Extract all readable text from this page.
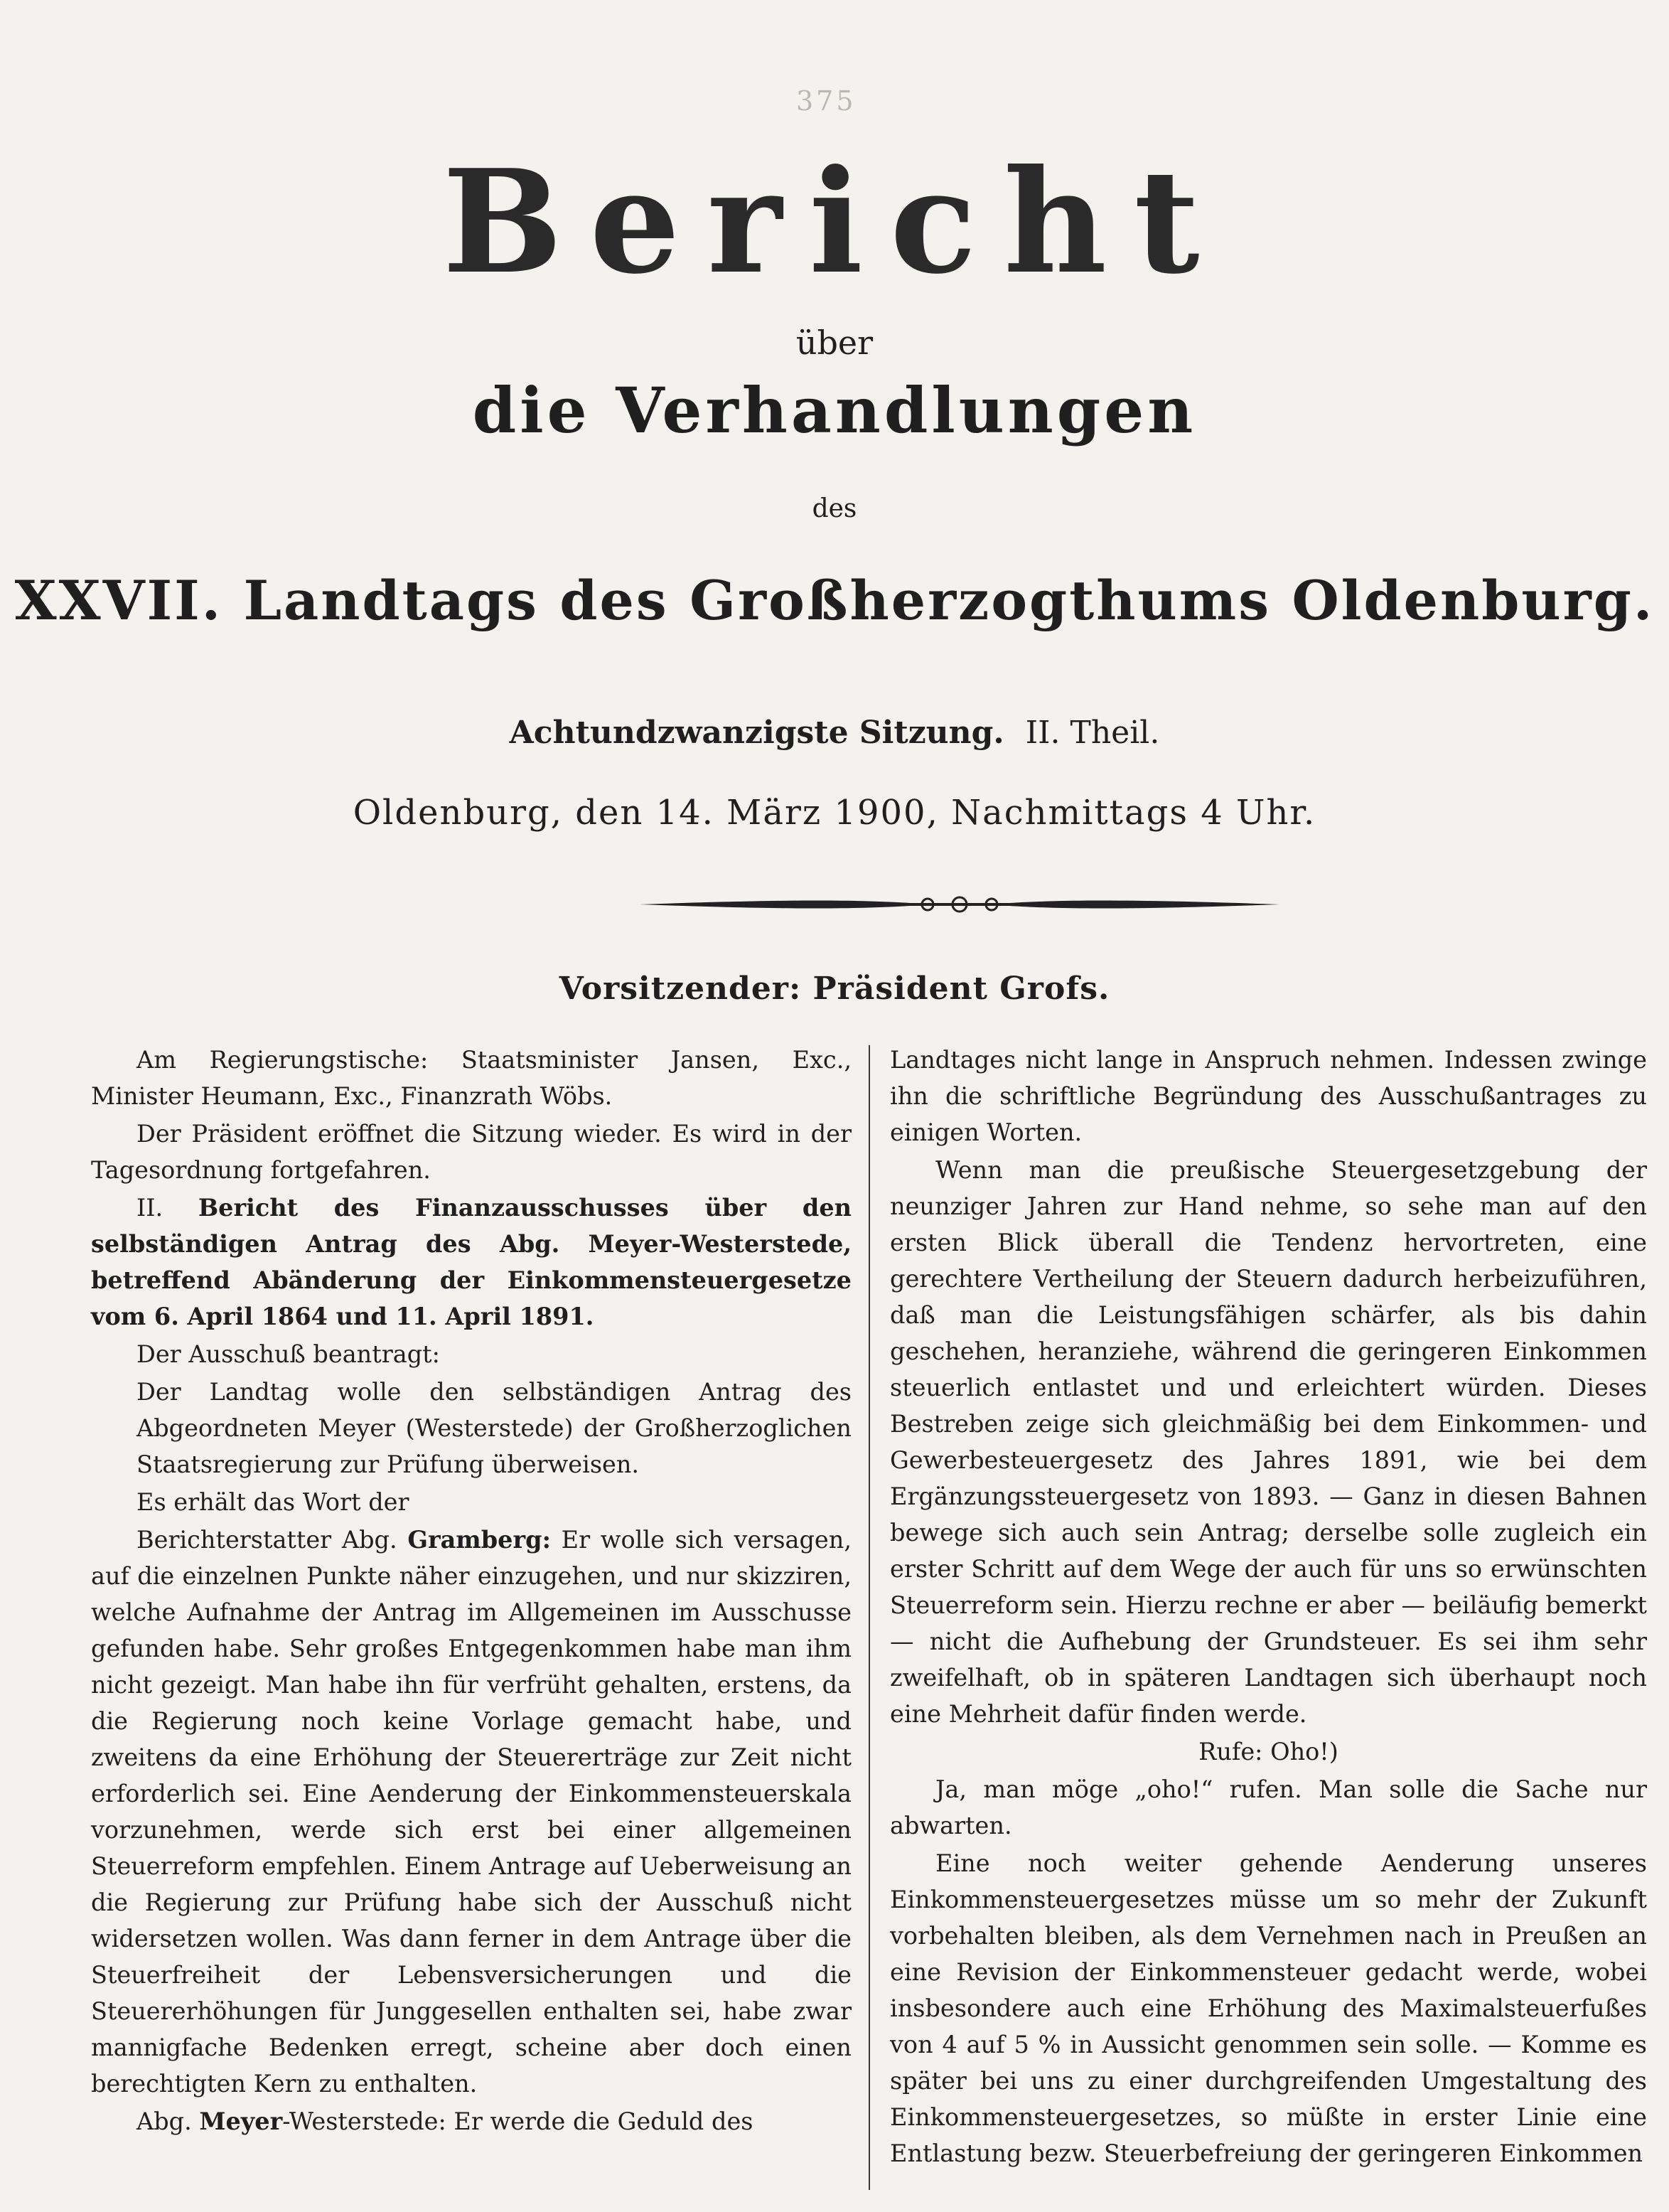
375
Bericht
über
die Verhandlungen
des
XXVII. Landtags des Großherzogthums Oldenburg.
Achtundzwanzigste Sitzung. II. Theil.
Oldenburg, den 14. März 1900, Nachmittags 4 Uhr.
Vorsitzender: Präsident Grofs.

Am Regierungstische: Staatsminister Jansen, Exc., Minister Heumann, Exc., Finanzrath Wöbs.

Der Präsident eröffnet die Sitzung wieder. Es wird in der Tagesordnung fortgefahren.

II. Bericht des Finanzausschusses über den selbständigen Antrag des Abg. Meyer-Westerstede, betreffend Abänderung der Einkommensteuergesetze vom 6. April 1864 und 11. April 1891.

Der Ausschuß beantragt:

Der Landtag wolle den selbständigen Antrag des Abgeordneten Meyer (Westerstede) der Großherzoglichen Staatsregierung zur Prüfung überweisen.

Es erhält das Wort der

Berichterstatter Abg. Gramberg: Er wolle sich versagen, auf die einzelnen Punkte näher einzugehen, und nur skizziren, welche Aufnahme der Antrag im Allgemeinen im Ausschusse gefunden habe. Sehr großes Entgegenkommen habe man ihm nicht gezeigt. Man habe ihn für verfrüht gehalten, erstens, da die Regierung noch keine Vorlage gemacht habe, und zweitens da eine Erhöhung der Steuererträge zur Zeit nicht erforderlich sei. Eine Aenderung der Einkommensteuerskala vorzunehmen, werde sich erst bei einer allgemeinen Steuerreform empfehlen. Einem Antrage auf Ueberweisung an die Regierung zur Prüfung habe sich der Ausschuß nicht widersetzen wollen. Was dann ferner in dem Antrage über die Steuerfreiheit der Lebensversicherungen und die Steuererhöhungen für Junggesellen enthalten sei, habe zwar mannigfache Bedenken erregt, scheine aber doch einen berechtigten Kern zu enthalten.

Abg. Meyer-Westerstede: Er werde die Geduld des

Landtages nicht lange in Anspruch nehmen. Indessen zwinge ihn die schriftliche Begründung des Ausschußantrages zu einigen Worten.

Wenn man die preußische Steuergesetzgebung der neunziger Jahren zur Hand nehme, so sehe man auf den ersten Blick überall die Tendenz hervortreten, eine gerechtere Vertheilung der Steuern dadurch herbeizuführen, daß man die Leistungsfähigen schärfer, als bis dahin geschehen, heranziehe, während die geringeren Einkommen steuerlich entlastet und und erleichtert würden. Dieses Bestreben zeige sich gleichmäßig bei dem Einkommen- und Gewerbesteuergesetz des Jahres 1891, wie bei dem Ergänzungssteuergesetz von 1893. — Ganz in diesen Bahnen bewege sich auch sein Antrag; derselbe solle zugleich ein erster Schritt auf dem Wege der auch für uns so erwünschten Steuerreform sein. Hierzu rechne er aber — beiläufig bemerkt — nicht die Aufhebung der Grundsteuer. Es sei ihm sehr zweifelhaft, ob in späteren Landtagen sich überhaupt noch eine Mehrheit dafür finden werde.

Rufe: Oho!)

Ja, man möge „oho!“ rufen. Man solle die Sache nur abwarten.

Eine noch weiter gehende Aenderung unseres Einkommensteuergesetzes müsse um so mehr der Zukunft vorbehalten bleiben, als dem Vernehmen nach in Preußen an eine Revision der Einkommensteuer gedacht werde, wobei insbesondere auch eine Erhöhung des Maximalsteuerfußes von 4 auf 5 % in Aussicht genommen sein solle. — Komme es später bei uns zu einer durchgreifenden Umgestaltung des Einkommensteuergesetzes, so müßte in erster Linie eine Entlastung bezw. Steuerbefreiung der geringeren Einkommen
